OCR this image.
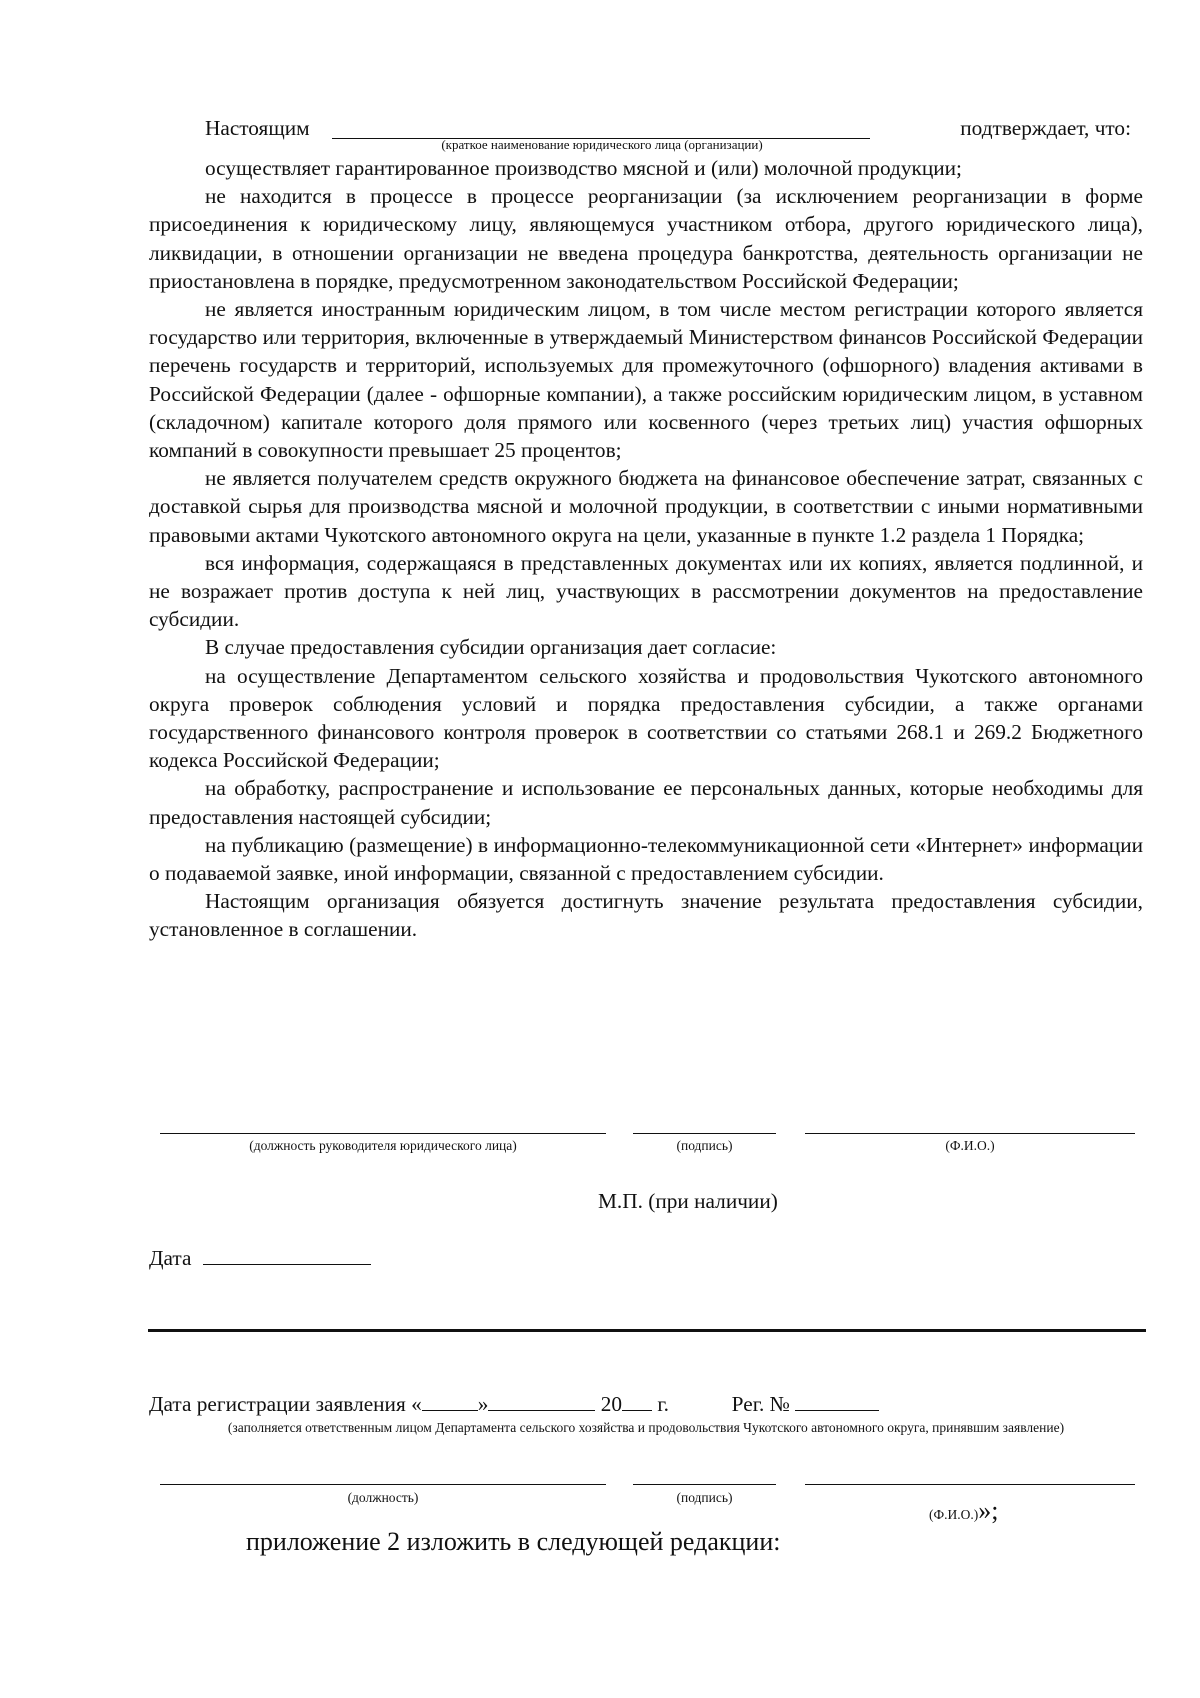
Настоящим	подтверждает, что:
(краткое наименование юридического лица (организации)

осуществляет гарантированное производство мясной и (или) молочной продукции;

не находится в процессе в процессе реорганизации (за исключением реорганизации в форме присоединения к юридическому лицу, являющемуся участником отбора, другого юридического лица), ликвидации, в отношении организации не введена процедура банкротства, деятельность организации не приостановлена в порядке, предусмотренном законодательством Российской Федерации;

не является иностранным юридическим лицом, в том числе местом регистрации которого является государство или территория, включенные в утверждаемый Министерством финансов Российской Федерации перечень государств и территорий, используемых для промежуточного (офшорного) владения активами в Российской Федерации (далее - офшорные компании), а также российским юридическим лицом, в уставном (складочном) капитале которого доля прямого или косвенного (через третьих лиц) участия офшорных компаний в совокупности превышает 25 процентов;

не является получателем средств окружного бюджета на финансовое обеспечение затрат, связанных с доставкой сырья для производства мясной и молочной продукции, в соответствии с иными нормативными правовыми актами Чукотского автономного округа на цели, указанные в пункте 1.2 раздела 1 Порядка;

вся информация, содержащаяся в представленных документах или их копиях, является подлинной, и не возражает против доступа к ней лиц, участвующих в рассмотрении документов на предоставление субсидии.

В случае предоставления субсидии организация дает согласие:

на осуществление Департаментом сельского хозяйства и продовольствия Чукотского автономного округа проверок соблюдения условий и порядка предоставления субсидии, а также органами государственного финансового контроля проверок в соответствии со статьями 268.1 и 269.2 Бюджетного кодекса Российской Федерации;

на обработку, распространение и использование ее персональных данных, которые необходимы для предоставления настоящей субсидии;

на публикацию (размещение) в информационно-телекоммуникационной сети «Интернет» информации о подаваемой заявке, иной информации, связанной с предоставлением субсидии.

Настоящим организация обязуется достигнуть значение результата предоставления субсидии, установленное в соглашении.

(должность руководителя юридического лица)	(подпись)	(Ф.И.О.)
М.П. (при наличии)
Дата
Дата регистрации заявления «	»	20 г.	Рег. №
(заполняется ответственным лицом Департамента сельского хозяйства и продовольствия Чукотского автономного округа, принявшим заявление)
(должность)	(подпись)
(Ф.И.О.)»;
приложение 2 изложить в следующей редакции:
